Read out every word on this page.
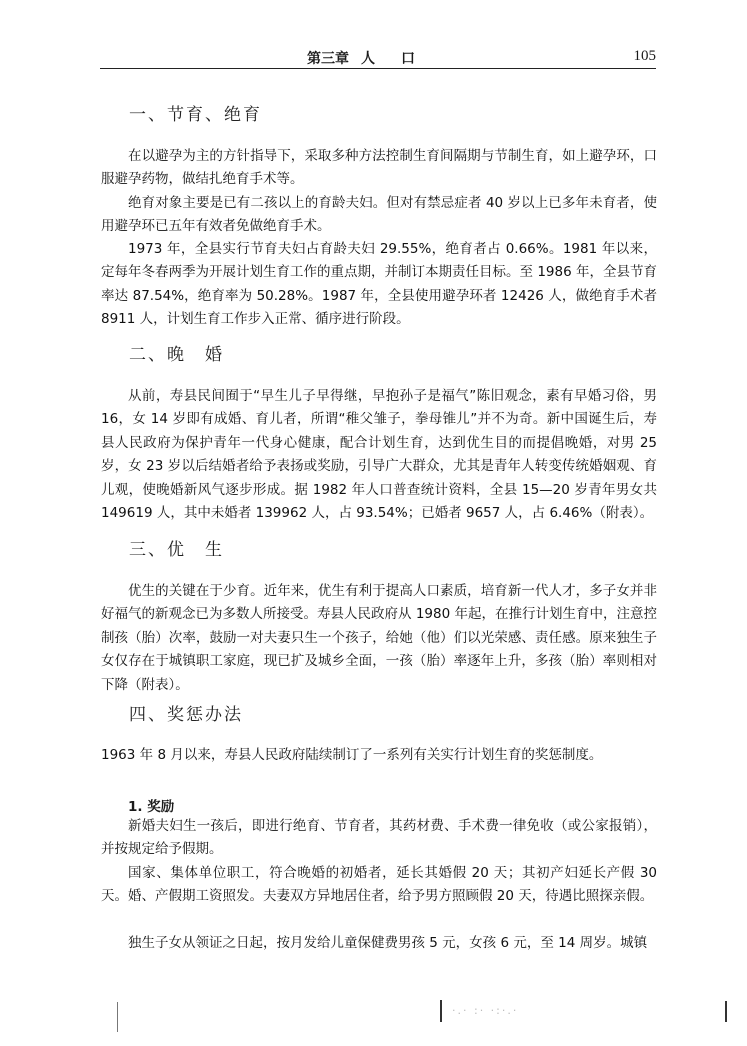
第三章 人 口	105
一、节育、绝育
在以避孕为主的方针指导下，采取多种方法控制生育间隔期与节制生育，如上避孕环，口服避孕药物，做结扎绝育手术等。
绝育对象主要是已有二孩以上的育龄夫妇。但对有禁忌症者 40 岁以上已多年未育者，使用避孕环已五年有效者免做绝育手术。
1973 年，全县实行节育夫妇占育龄夫妇 29.55%，绝育者占 0.66%。1981 年以来，定每年冬春两季为开展计划生育工作的重点期，并制订本期责任目标。至 1986 年，全县节育率达 87.54%，绝育率为 50.28%。1987 年，全县使用避孕环者 12426 人，做绝育手术者 8911 人，计划生育工作步入正常、循序进行阶段。
二、晚　婚
从前，寿县民间囿于“早生儿子早得继，早抱孙子是福气”陈旧观念，素有早婚习俗，男 16，女 14 岁即有成婚、育儿者，所谓“稚父雏子，拳母锥儿”并不为奇。新中国诞生后，寿县人民政府为保护青年一代身心健康，配合计划生育，达到优生目的而提倡晚婚，对男 25 岁，女 23 岁以后结婚者给予表扬或奖励，引导广大群众，尤其是青年人转变传统婚姻观、育儿观，使晚婚新风气逐步形成。据 1982 年人口普查统计资料，全县 15—20 岁青年男女共 149619 人，其中未婚者 139962 人，占 93.54%；已婚者 9657 人，占 6.46%（附表）。
三、优　生
优生的关键在于少育。近年来，优生有利于提高人口素质，培育新一代人才，多子女并非好福气的新观念已为多数人所接受。寿县人民政府从 1980 年起，在推行计划生育中，注意控制孩（胎）次率，鼓励一对夫妻只生一个孩子，给她（他）们以光荣感、责任感。原来独生子女仅存在于城镇职工家庭，现已扩及城乡全面，一孩（胎）率逐年上升，多孩（胎）率则相对下降（附表）。
四、奖惩办法
1963 年 8 月以来，寿县人民政府陆续制订了一系列有关实行计划生育的奖惩制度。
1. 奖励
新婚夫妇生一孩后，即进行绝育、节育者，其药材费、手术费一律免收（或公家报销），并按规定给予假期。
国家、集体单位职工，符合晚婚的初婚者，延长其婚假 20 天；其初产妇延长产假 30 天。婚、产假期工资照发。夫妻双方异地居住者，给予男方照顾假 20 天，待遇比照探亲假。
独生子女从领证之日起，按月发给儿童保健费男孩 5 元，女孩 6 元，至 14 周岁。城镇
·.· :· ·:·.·
